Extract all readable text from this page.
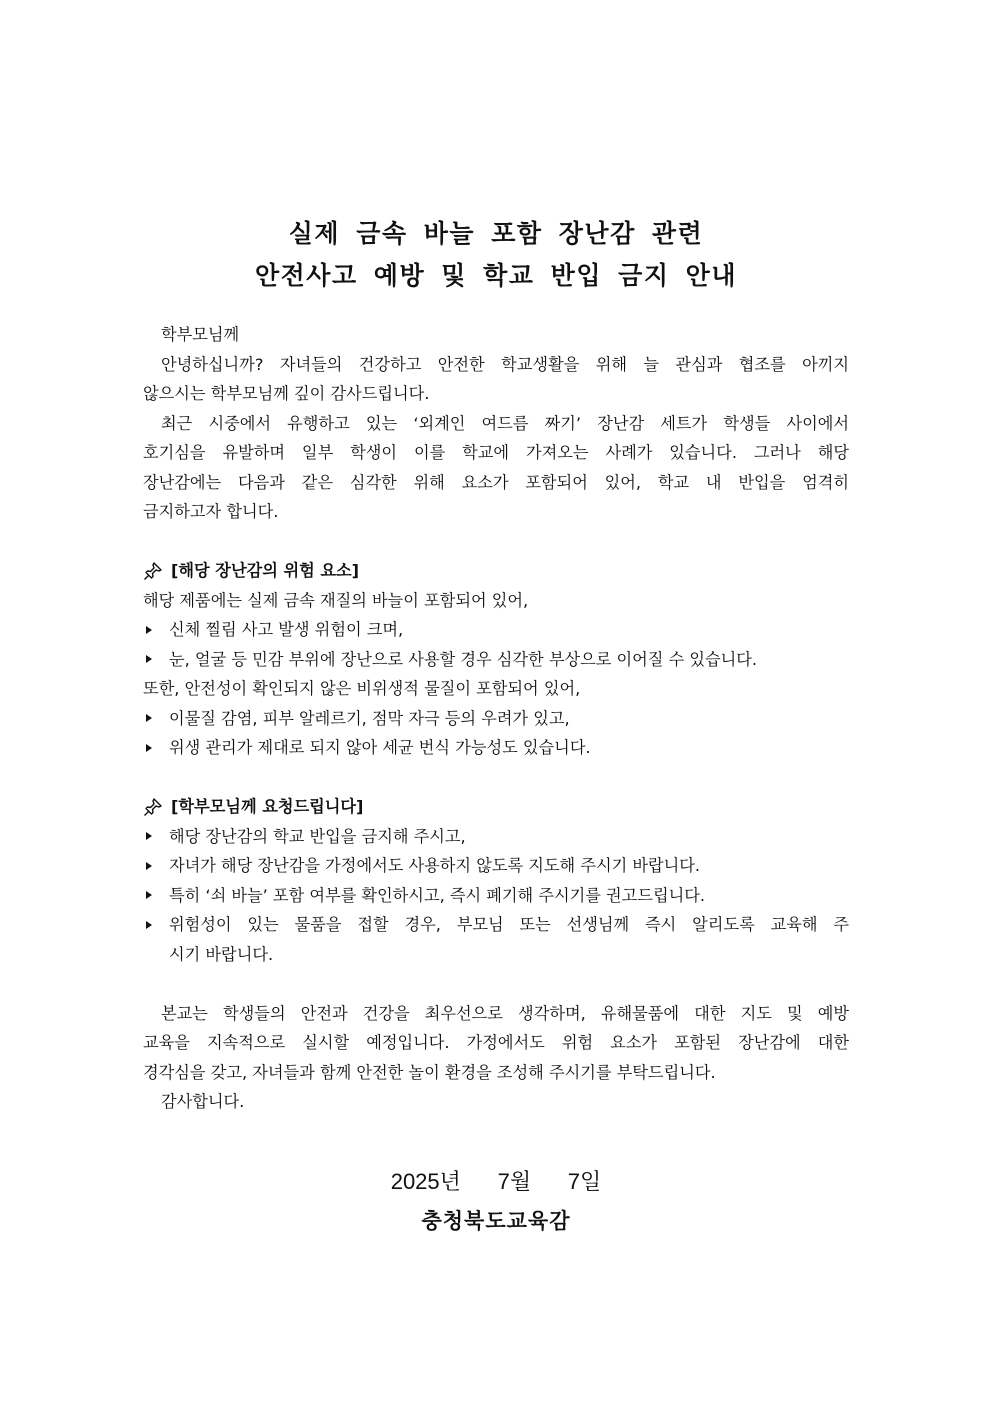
실제 금속 바늘 포함 장난감 관련
안전사고 예방 및 학교 반입 금지 안내
학부모님께
안녕하십니까? 자녀들의 건강하고 안전한 학교생활을 위해 늘 관심과 협조를 아끼지
않으시는 학부모님께 깊이 감사드립니다.
최근 시중에서 유행하고 있는 ‘외계인 여드름 짜기’ 장난감 세트가 학생들 사이에서
호기심을 유발하며 일부 학생이 이를 학교에 가져오는 사례가 있습니다. 그러나 해당
장난감에는 다음과 같은 심각한 위해 요소가 포함되어 있어, 학교 내 반입을 엄격히
금지하고자 합니다.
[해당 장난감의 위험 요소]
해당 제품에는 실제 금속 재질의 바늘이 포함되어 있어,
신체 찔림 사고 발생 위험이 크며,
눈, 얼굴 등 민감 부위에 장난으로 사용할 경우 심각한 부상으로 이어질 수 있습니다.
또한, 안전성이 확인되지 않은 비위생적 물질이 포함되어 있어,
이물질 감염, 피부 알레르기, 점막 자극 등의 우려가 있고,
위생 관리가 제대로 되지 않아 세균 번식 가능성도 있습니다.
[학부모님께 요청드립니다]
해당 장난감의 학교 반입을 금지해 주시고,
자녀가 해당 장난감을 가정에서도 사용하지 않도록 지도해 주시기 바랍니다.
특히 ‘쇠 바늘’ 포함 여부를 확인하시고, 즉시 폐기해 주시기를 권고드립니다.
위험성이 있는 물품을 접할 경우, 부모님 또는 선생님께 즉시 알리도록 교육해 주
시기 바랍니다.
본교는 학생들의 안전과 건강을 최우선으로 생각하며, 유해물품에 대한 지도 및 예방
교육을 지속적으로 실시할 예정입니다. 가정에서도 위험 요소가 포함된 장난감에 대한
경각심을 갖고, 자녀들과 함께 안전한 놀이 환경을 조성해 주시기를 부탁드립니다.
감사합니다.
2025년 7월 7일
충청북도교육감
